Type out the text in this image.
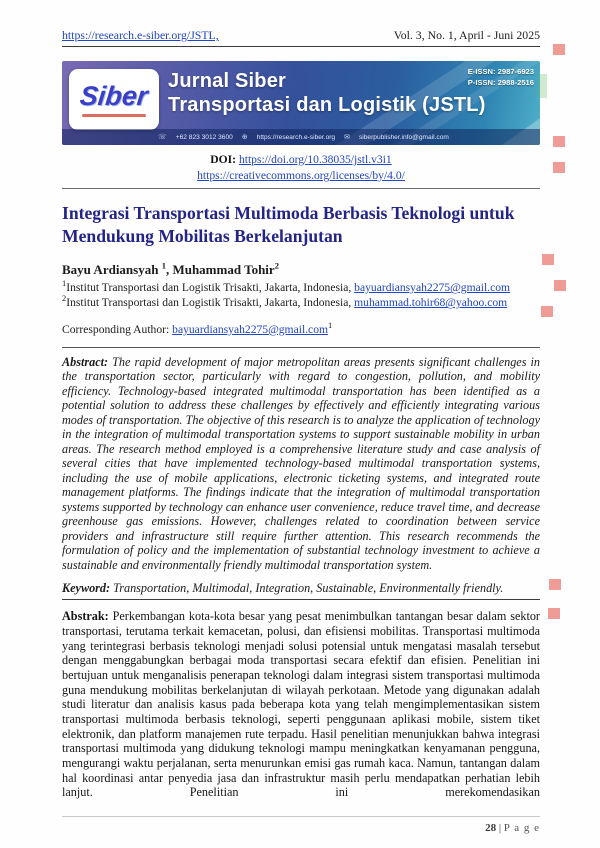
https://research.e-siber.org/JSTL,	Vol. 3, No. 1, April - Juni 2025
Siber Jurnal Siber
Transportasi dan Logistik (JSTL)
E-ISSN: 2987-6923
P-ISSN: 2988-2516
☏ +62 823 3012 3600 ⊕ https://research.e-siber.org ✉ siberpublisher.info@gmail.com
DOI: https://doi.org/10.38035/jstl.v3i1
https://creativecommons.org/licenses/by/4.0/
Integrasi Transportasi Multimoda Berbasis Teknologi untuk
Mendukung Mobilitas Berkelanjutan
Bayu Ardiansyah $^1$, Muhammad Tohir$^2$
$^1$Institut Transportasi dan Logistik Trisakti, Jakarta, Indonesia, bayuardiansyah2275@gmail.com
$^2$Institut Transportasi dan Logistik Trisakti, Jakarta, Indonesia, muhammad.tohir68@yahoo.com
Corresponding Author: bayuardiansyah2275@gmail.com$^1$

Abstract: The rapid development of major metropolitan areas presents significant challenges in the transportation sector, particularly with regard to congestion, pollution, and mobility efficiency. Technology-based integrated multimodal transportation has been identified as a potential solution to address these challenges by effectively and efficiently integrating various modes of transportation. The objective of this research is to analyze the application of technology in the integration of multimodal transportation systems to support sustainable mobility in urban areas. The research method employed is a comprehensive literature study and case analysis of several cities that have implemented technology-based multimodal transportation systems, including the use of mobile applications, electronic ticketing systems, and integrated route management platforms. The findings indicate that the integration of multimodal transportation systems supported by technology can enhance user convenience, reduce travel time, and decrease greenhouse gas emissions. However, challenges related to coordination between service providers and infrastructure still require further attention. This research recommends the formulation of policy and the implementation of substantial technology investment to achieve a sustainable and environmentally friendly multimodal transportation system.

Keyword: Transportation, Multimodal, Integration, Sustainable, Environmentally friendly.

Abstrak: Perkembangan kota-kota besar yang pesat menimbulkan tantangan besar dalam sektor transportasi, terutama terkait kemacetan, polusi, dan efisiensi mobilitas. Transportasi multimoda yang terintegrasi berbasis teknologi menjadi solusi potensial untuk mengatasi masalah tersebut dengan menggabungkan berbagai moda transportasi secara efektif dan efisien. Penelitian ini bertujuan untuk menganalisis penerapan teknologi dalam integrasi sistem transportasi multimoda guna mendukung mobilitas berkelanjutan di wilayah perkotaan. Metode yang digunakan adalah studi literatur dan analisis kasus pada beberapa kota yang telah mengimplementasikan sistem transportasi multimoda berbasis teknologi, seperti penggunaan aplikasi mobile, sistem tiket elektronik, dan platform manajemen rute terpadu. Hasil penelitian menunjukkan bahwa integrasi transportasi multimoda yang didukung teknologi mampu meningkatkan kenyamanan pengguna, mengurangi waktu perjalanan, serta menurunkan emisi gas rumah kaca. Namun, tantangan dalam hal koordinasi antar penyedia jasa dan infrastruktur masih perlu mendapatkan perhatian lebih lanjut. Penelitian ini merekomendasikan

28 | P a g e
